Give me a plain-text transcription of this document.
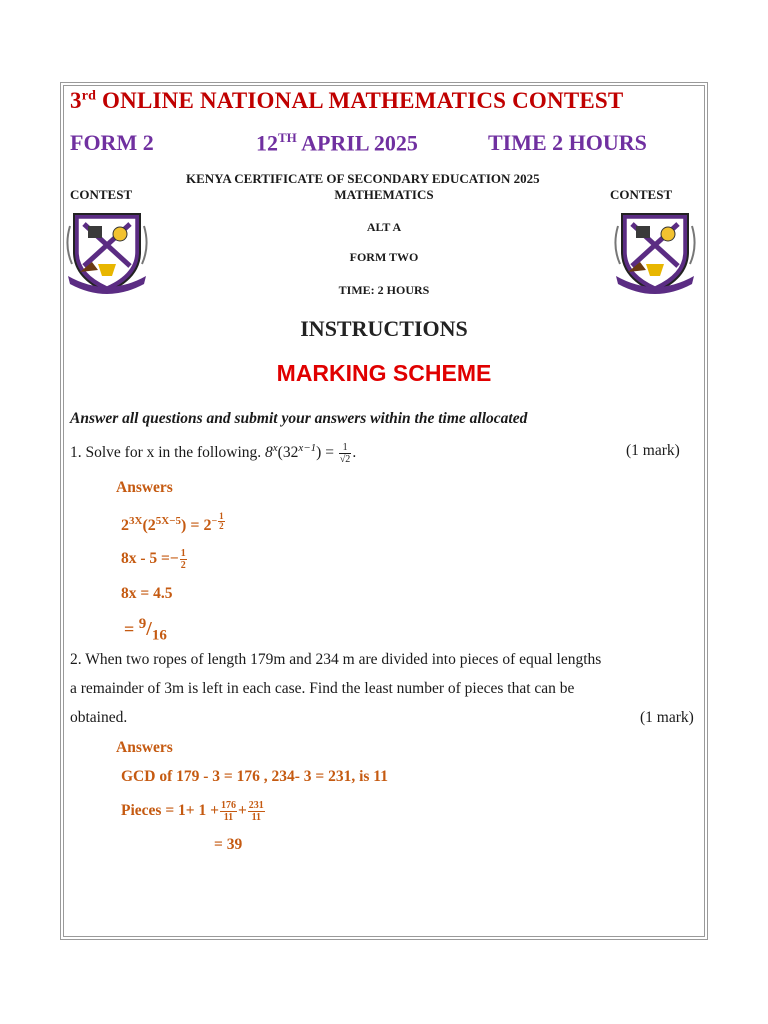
3rd ONLINE NATIONAL MATHEMATICS CONTEST
FORM 2	12TH APRIL 2025	TIME 2 HOURS
KENYA CERTIFICATE OF SECONDARY EDUCATION 2025
MATHEMATICS
CONTEST	CONTEST
ALT A
FORM TWO
TIME: 2 HOURS
INSTRUCTIONS
MARKING SCHEME
Answer all questions and submit your answers within the time allocated
1. Solve for x in the following. $8^x(32^{x-1}) = \frac{1}{√2}$ .	(1 mark)
Answers
$2^{3X}(2^{5X-5}) = 2^{- \frac{1}{2}}$
$8x - 5 =- \frac{1}{2}$
8x = 4.5
= $^9/_{16}$
2. When two ropes of length 179m and 234 m are divided into pieces of equal lengths
a remainder of 3m is left in each case. Find the least number of pieces that can be
obtained.	(1 mark)
Answers
GCD of 179 - 3 = 176 , 234- 3 = 231, is 11
Pieces = $1+ 1 + \frac{176}{11} + \frac{231}{11}$
= 39
